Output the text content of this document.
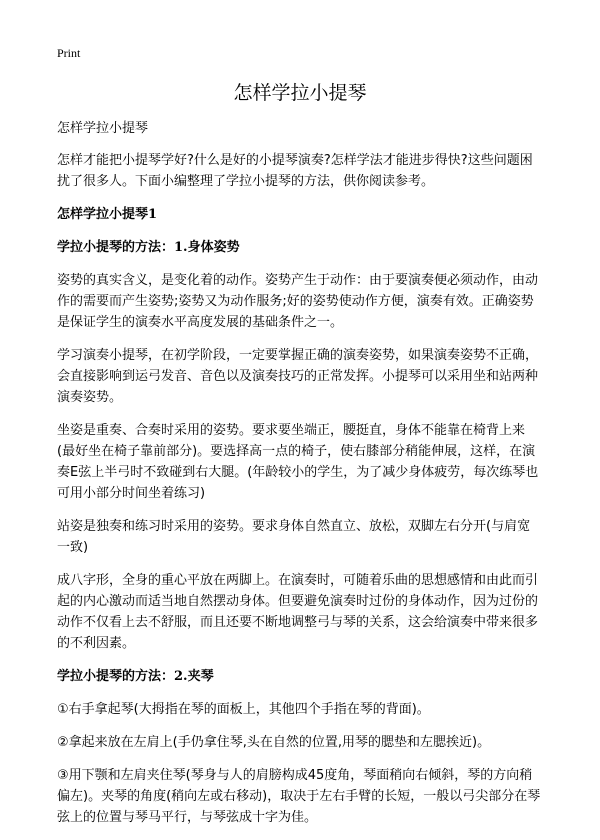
Print
怎样学拉小提琴

怎样学拉小提琴

怎样才能把小提琴学好?什么是好的小提琴演奏?怎样学法才能进步得快?这些问题困扰了很多人。下面小编整理了学拉小提琴的方法，供你阅读参考。

怎样学拉小提琴1

学拉小提琴的方法：1.身体姿势

姿势的真实含义，是变化着的动作。姿势产生于动作：由于要演奏便必须动作，由动作的需要而产生姿势;姿势又为动作服务;好的姿势使动作方便，演奏有效。正确姿势是保证学生的演奏水平高度发展的基础条件之一。

学习演奏小提琴，在初学阶段，一定要掌握正确的演奏姿势，如果演奏姿势不正确，会直接影响到运弓发音、音色以及演奏技巧的正常发挥。小提琴可以采用坐和站两种演奏姿势。

坐姿是重奏、合奏时采用的姿势。要求要坐端正，腰挺直，身体不能靠在椅背上来(最好坐在椅子靠前部分)。要选择高一点的椅子，使右膝部分稍能伸展，这样，在演奏E弦上半弓时不致碰到右大腿。(年龄较小的学生，为了减少身体疲劳，每次练琴也可用小部分时间坐着练习)

站姿是独奏和练习时采用的姿势。要求身体自然直立、放松，双脚左右分开(与肩宽一致)

成八字形，全身的重心平放在两脚上。在演奏时，可随着乐曲的思想感情和由此而引起的内心激动而适当地自然摆动身体。但要避免演奏时过份的身体动作，因为过份的动作不仅看上去不舒服，而且还要不断地调整弓与琴的关系，这会给演奏中带来很多的不利因素。

学拉小提琴的方法：2.夹琴

①右手拿起琴(大拇指在琴的面板上，其他四个手指在琴的背面)。

②拿起来放在左肩上(手仍拿住琴,头在自然的位置,用琴的腮垫和左腮挨近)。

③用下颚和左肩夹住琴(琴身与人的肩膀构成45度角，琴面稍向右倾斜，琴的方向稍偏左)。夹琴的角度(稍向左或右移动)，取决于左右手臂的长短，一般以弓尖部分在琴弦上的位置与琴马平行，与琴弦成十字为佳。
